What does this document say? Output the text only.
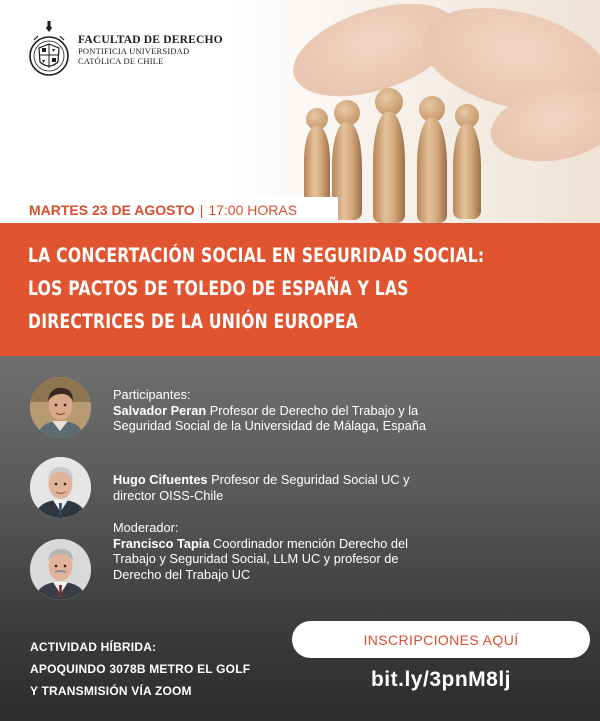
FACULTAD DE DERECHO
PONTIFICIA UNIVERSIDAD
CATÓLICA DE CHILE
MARTES 23 DE AGOSTO | 17:00 HORAS
LA CONCERTACIÓN SOCIAL EN SEGURIDAD SOCIAL:
LOS PACTOS DE TOLEDO DE ESPAÑA Y LAS
DIRECTRICES DE LA UNIÓN EUROPEA
Participantes:
Salvador Peran Profesor de Derecho del Trabajo y la Seguridad Social de la Universidad de Málaga, España
Hugo Cifuentes Profesor de Seguridad Social UC y director OISS-Chile
Moderador:
Francisco Tapia Coordinador mención Derecho del Trabajo y Seguridad Social, LLM UC y profesor de Derecho del Trabajo UC
ACTIVIDAD HÍBRIDA:
APOQUINDO 3078B METRO EL GOLF
Y TRANSMISIÓN VÍA ZOOM
INSCRIPCIONES AQUÍ
bit.ly/3pnM8lj
